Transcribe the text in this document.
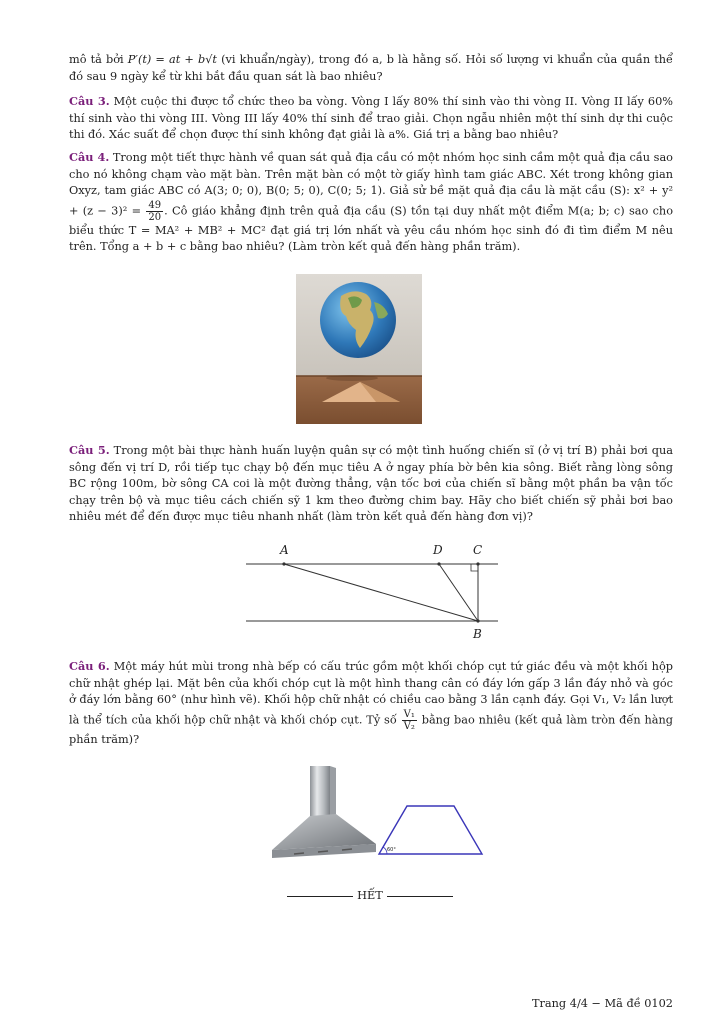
mô tả bởi P′(t) = at + b√t (vi khuẩn/ngày), trong đó a, b là hằng số. Hỏi số lượng vi khuẩn của quần thể đó sau 9 ngày kể từ khi bắt đầu quan sát là bao nhiêu?

Câu 3. Một cuộc thi được tổ chức theo ba vòng. Vòng I lấy 80% thí sinh vào thi vòng II. Vòng II lấy 60% thí sinh vào thi vòng III. Vòng III lấy 40% thí sinh để trao giải. Chọn ngẫu nhiên một thí sinh dự thi cuộc thi đó. Xác suất để chọn được thí sinh không đạt giải là a%. Giá trị a bằng bao nhiêu?

Câu 4. Trong một tiết thực hành về quan sát quả địa cầu có một nhóm học sinh cầm một quả địa cầu sao cho nó không chạm vào mặt bàn. Trên mặt bàn có một tờ giấy hình tam giác ABC. Xét trong không gian Oxyz, tam giác ABC có A(3; 0; 0), B(0; 5; 0), C(0; 5; 1). Giả sử bề mặt quả địa cầu là mặt cầu (S): $x^2 + y^2 + (z - 3)^2 = \frac{49}{20}$ . Cô giáo khẳng định trên quả địa cầu (S) tồn tại duy nhất một điểm M(a; b; c) sao cho biểu thức T = MA² + MB² + MC² đạt giá trị lớn nhất và yêu cầu nhóm học sinh đó đi tìm điểm M nêu trên. Tổng a + b + c bằng bao nhiêu? (Làm tròn kết quả đến hàng phần trăm).

Câu 5. Trong một bài thực hành huấn luyện quân sự có một tình huống chiến sĩ (ở vị trí B) phải bơi qua sông đến vị trí D, rồi tiếp tục chạy bộ đến mục tiêu A ở ngay phía bờ bên kia sông. Biết rằng lòng sông BC rộng 100m, bờ sông CA coi là một đường thẳng, vận tốc bơi của chiến sĩ bằng một phần ba vận tốc chạy trên bộ và mục tiêu cách chiến sỹ 1 km theo đường chim bay. Hãy cho biết chiến sỹ phải bơi bao nhiêu mét để đến được mục tiêu nhanh nhất (làm tròn kết quả đến hàng đơn vị)?

A	D	C
B

Câu 6. Một máy hút mùi trong nhà bếp có cấu trúc gồm một khối chóp cụt tứ giác đều và một khối hộp chữ nhật ghép lại. Mặt bên của khối chóp cụt là một hình thang cân có đáy lớn gấp 3 lần đáy nhỏ và góc ở đáy lớn bằng 60° (như hình vẽ). Khối hộp chữ nhật có chiều cao bằng 3 lần cạnh đáy. Gọi V₁, V₂ lần lượt là thể tích của khối hộp chữ nhật và khối chóp cụt. Tỷ số $\frac{\text{V₁}}{\text{V₂}}$ bằng bao nhiêu (kết quả làm tròn đến hàng phần trăm)?

60°
HẾT
Trang 4/4 − Mã đề 0102
